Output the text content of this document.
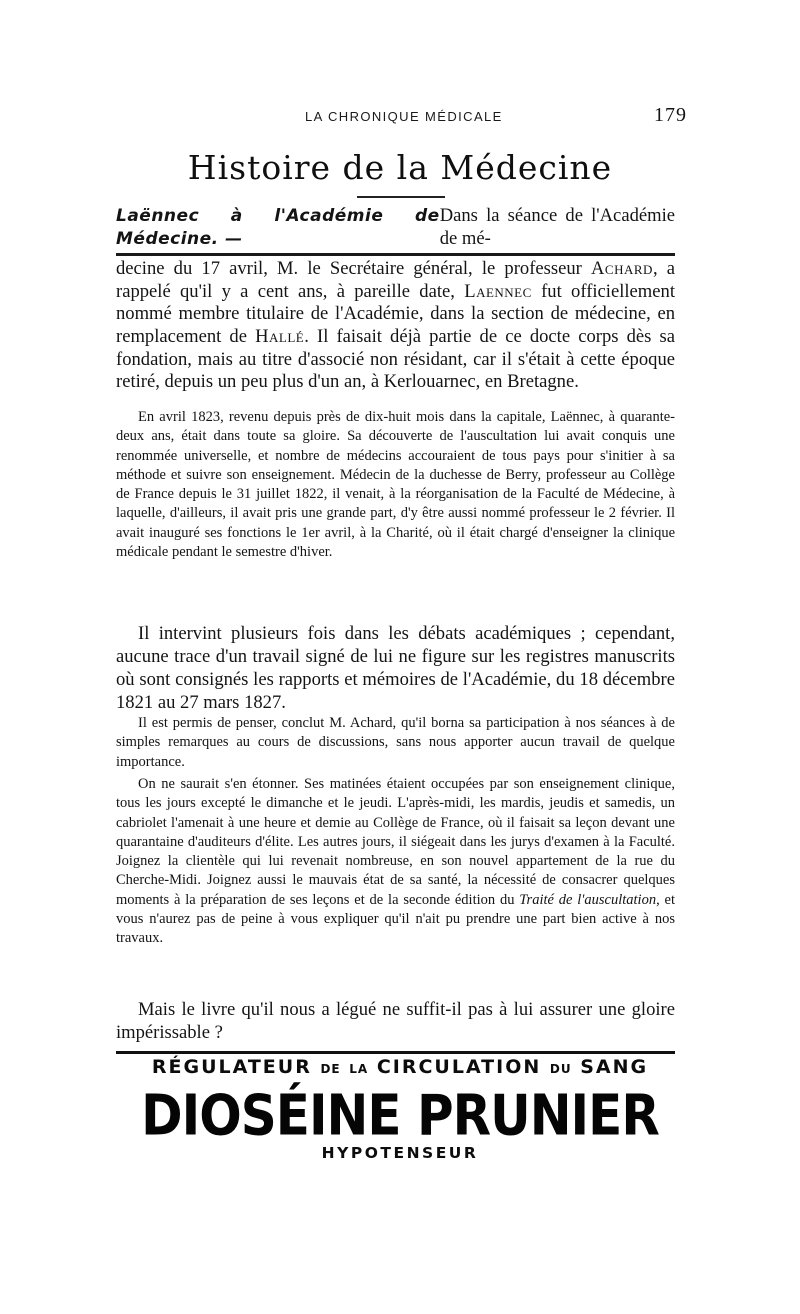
LA CHRONIQUE MÉDICALE	179
Histoire de la Médecine
Laënnec à l'Académie de Médecine. —
Dans la séance de l'Académie de mé-
decine du 17 avril, M. le Secrétaire général, le professeur Achard, a rappelé qu'il y a cent ans, à pareille date, Laennec fut officiellement nommé membre titulaire de l'Académie, dans la section de médecine, en remplacement de Hallé. Il faisait déjà partie de ce docte corps dès sa fondation, mais au titre d'associé non résidant, car il s'était à cette époque retiré, depuis un peu plus d'un an, à Kerlouarnec, en Bretagne.

En avril 1823, revenu depuis près de dix-huit mois dans la capitale, Laënnec, à quarante-deux ans, était dans toute sa gloire. Sa découverte de l'auscultation lui avait conquis une renommée universelle, et nombre de médecins accouraient de tous pays pour s'initier à sa méthode et suivre son enseignement. Médecin de la duchesse de Berry, professeur au Collège de France depuis le 31 juillet 1822, il venait, à la réorganisation de la Faculté de Médecine, à laquelle, d'ailleurs, il avait pris une grande part, d'y être aussi nommé professeur le 2 février. Il avait inauguré ses fonctions le 1er avril, à la Charité, où il était chargé d'enseigner la clinique médicale pendant le semestre d'hiver.

Il intervint plusieurs fois dans les débats académiques ; cependant, aucune trace d'un travail signé de lui ne figure sur les registres manuscrits où sont consignés les rapports et mémoires de l'Académie, du 18 décembre 1821 au 27 mars 1827.

Il est permis de penser, conclut M. Achard, qu'il borna sa participation à nos séances à de simples remarques au cours de discussions, sans nous apporter aucun travail de quelque importance.

On ne saurait s'en étonner. Ses matinées étaient occupées par son enseignement clinique, tous les jours excepté le dimanche et le jeudi. L'après-midi, les mardis, jeudis et samedis, un cabriolet l'amenait à une heure et demie au Collège de France, où il faisait sa leçon devant une quarantaine d'auditeurs d'élite. Les autres jours, il siégeait dans les jurys d'examen à la Faculté. Joignez la clientèle qui lui revenait nombreuse, en son nouvel appartement de la rue du Cherche-Midi. Joignez aussi le mauvais état de sa santé, la nécessité de consacrer quelques moments à la préparation de ses leçons et de la seconde édition du Traité de l'auscultation, et vous n'aurez pas de peine à vous expliquer qu'il n'ait pu prendre une part bien active à nos travaux.

Mais le livre qu'il nous a légué ne suffit-il pas à lui assurer une gloire impérissable ?

RÉGULATEUR DE LA CIRCULATION DU SANG
DIOSÉINE PRUNIER
HYPOTENSEUR
